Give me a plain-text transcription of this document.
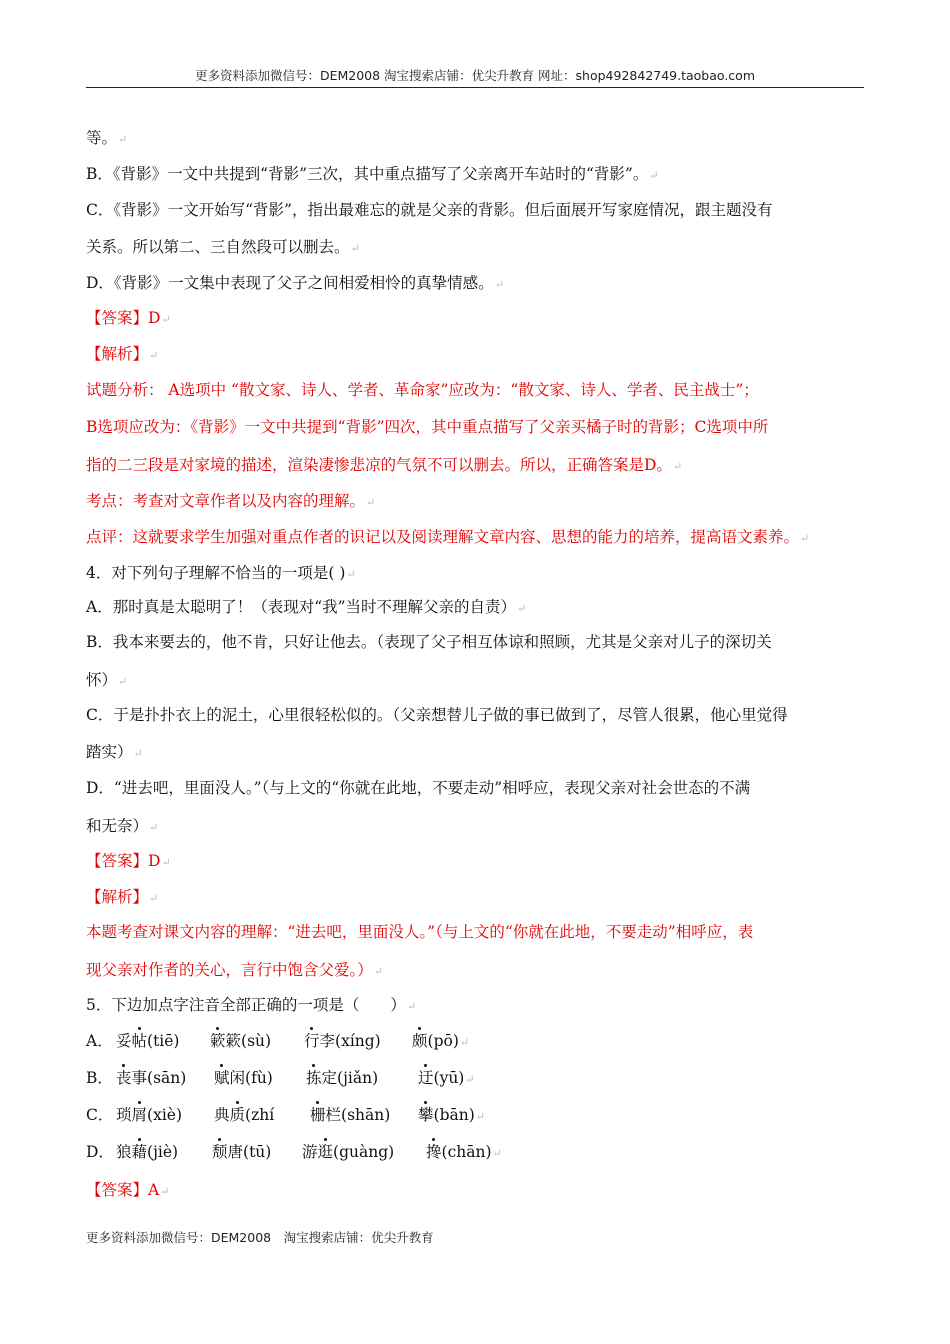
更多资料添加微信号：DEM2008 淘宝搜索店铺：优尖升教育 网址：shop492842749.taobao.com
等。↵
B．《背影》一文中共提到“背影”三次，其中重点描写了父亲离开车站时的“背影”。↵
C．《背影》一文开始写“背影”，指出最难忘的就是父亲的背影。但后面展开写家庭情况，跟主题没有
关系。所以第二、三自然段可以删去。↵
D．《背影》一文集中表现了父子之间相爱相怜的真挚情感。↵
【答案】D↵
【解析】↵
试题分析： A选项中 “散文家、诗人、学者、革命家”应改为：“散文家、诗人、学者、民主战士”；
B选项应改为：《背影》一文中共提到“背影”四次，其中重点描写了父亲买橘子时的背影；C选项中所
指的二三段是对家境的描述，渲染凄惨悲凉的气氛不可以删去。所以，正确答案是D。↵
考点：考查对文章作者以及内容的理解。↵
点评：这就要求学生加强对重点作者的识记以及阅读理解文章内容、思想的能力的培养，提高语文素养。↵
4．对下列句子理解不恰当的一项是( )↵
A．那时真是太聪明了！（表现对“我”当时不理解父亲的自责）↵
B．我本来要去的，他不肯，只好让他去。（表现了父子相互体谅和照顾，尤其是父亲对儿子的深切关
怀）↵
C．于是扑扑衣上的泥土，心里很轻松似的。（父亲想替儿子做的事已做到了，尽管人很累，他心里觉得
踏实）↵
D．“进去吧，里面没人。”（与上文的“你就在此地，不要走动”相呼应，表现父亲对社会世态的不满
和无奈）↵
【答案】D↵
【解析】↵
本题考查对课文内容的理解：“进去吧，里面没人。”（与上文的“你就在此地，不要走动”相呼应，表
现父亲对作者的关心，言行中饱含父爱。）↵
5．下边加点字注音全部正确的一项是（　　）↵
A． 妥帖(tiē) 簌簌(sù) 行李(xíng) 颇(pō)↵
B． 丧事(sān) 赋闲(fù) 拣定(jiǎn)	迂(yū)↵
C． 琐屑(xiè) 典质(zhí 栅栏(shān) 攀(bān)↵
D． 狼藉(jiè) 颓唐(tū) 游逛(guàng) 搀(chān)↵
【答案】A↵
更多资料添加微信号：DEM2008　淘宝搜索店铺：优尖升教育
